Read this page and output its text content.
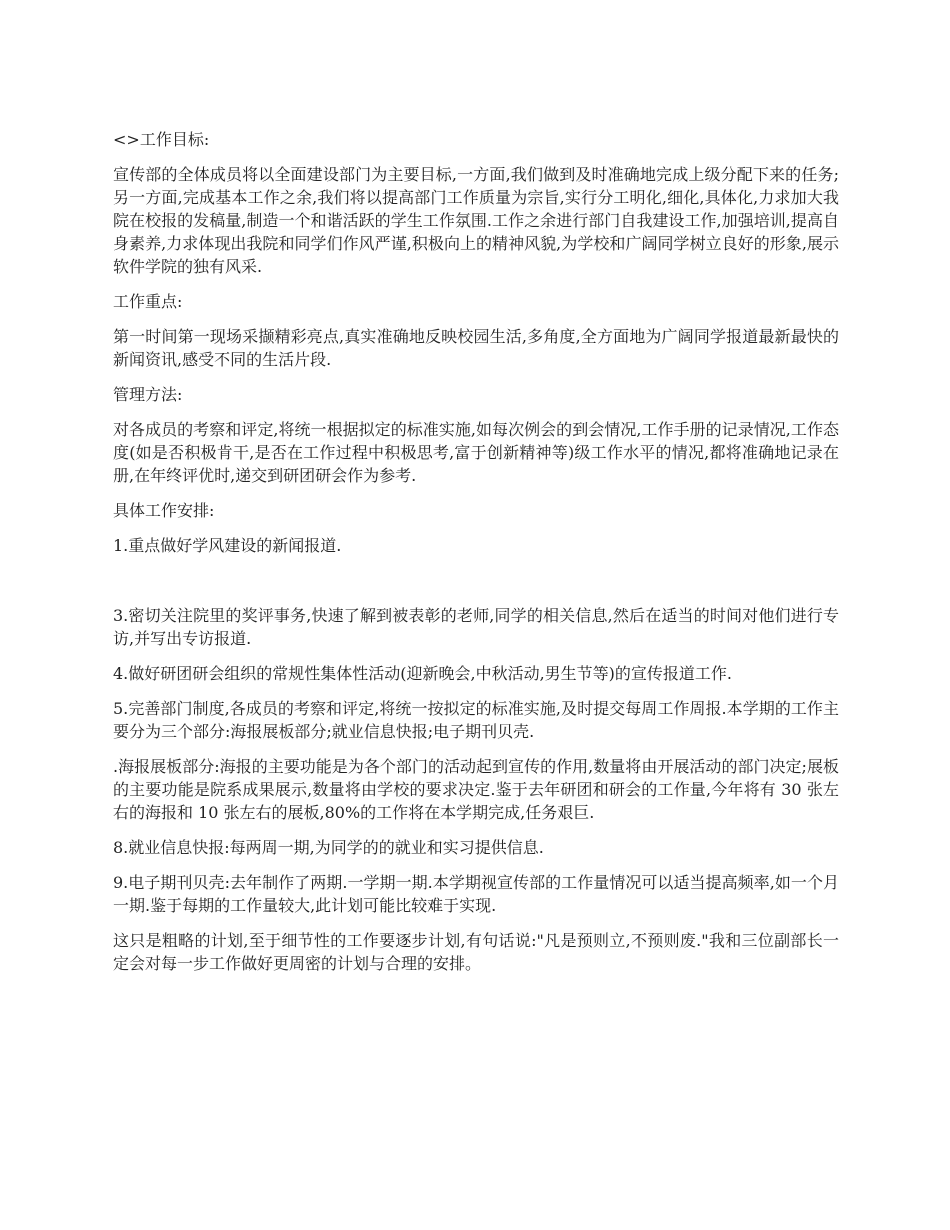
<>工作目标:

宣传部的全体成员将以全面建设部门为主要目标,一方面,我们做到及时准确地完成上级分配下来的任务;另一方面,完成基本工作之余,我们将以提高部门工作质量为宗旨,实行分工明化,细化,具体化,力求加大我院在校报的发稿量,制造一个和谐活跃的学生工作氛围.工作之余进行部门自我建设工作,加强培训,提高自身素养,力求体现出我院和同学们作风严谨,积极向上的精神风貌,为学校和广阔同学树立良好的形象,展示软件学院的独有风采.

工作重点:

第一时间第一现场采撷精彩亮点,真实准确地反映校园生活,多角度,全方面地为广阔同学报道最新最快的新闻资讯,感受不同的生活片段.

管理方法:

对各成员的考察和评定,将统一根据拟定的标准实施,如每次例会的到会情况,工作手册的记录情况,工作态度(如是否积极肯干,是否在工作过程中积极思考,富于创新精神等)级工作水平的情况,都将准确地记录在册,在年终评优时,递交到研团研会作为参考.

具体工作安排:

1.重点做好学风建设的新闻报道.

3.密切关注院里的奖评事务,快速了解到被表彰的老师,同学的相关信息,然后在适当的时间对他们进行专访,并写出专访报道.

4.做好研团研会组织的常规性集体性活动(迎新晚会,中秋活动,男生节等)的宣传报道工作.

5.完善部门制度,各成员的考察和评定,将统一按拟定的标准实施,及时提交每周工作周报.本学期的工作主要分为三个部分:海报展板部分;就业信息快报;电子期刊贝壳.

.海报展板部分:海报的主要功能是为各个部门的活动起到宣传的作用,数量将由开展活动的部门决定;展板的主要功能是院系成果展示,数量将由学校的要求决定.鉴于去年研团和研会的工作量,今年将有 30 张左右的海报和 10 张左右的展板,80%的工作将在本学期完成,任务艰巨.

8.就业信息快报:每两周一期,为同学的的就业和实习提供信息.

9.电子期刊贝壳:去年制作了两期.一学期一期.本学期视宣传部的工作量情况可以适当提高频率,如一个月一期.鉴于每期的工作量较大,此计划可能比较难于实现.

这只是粗略的计划,至于细节性的工作要逐步计划,有句话说:"凡是预则立,不预则废."我和三位副部长一定会对每一步工作做好更周密的计划与合理的安排。
